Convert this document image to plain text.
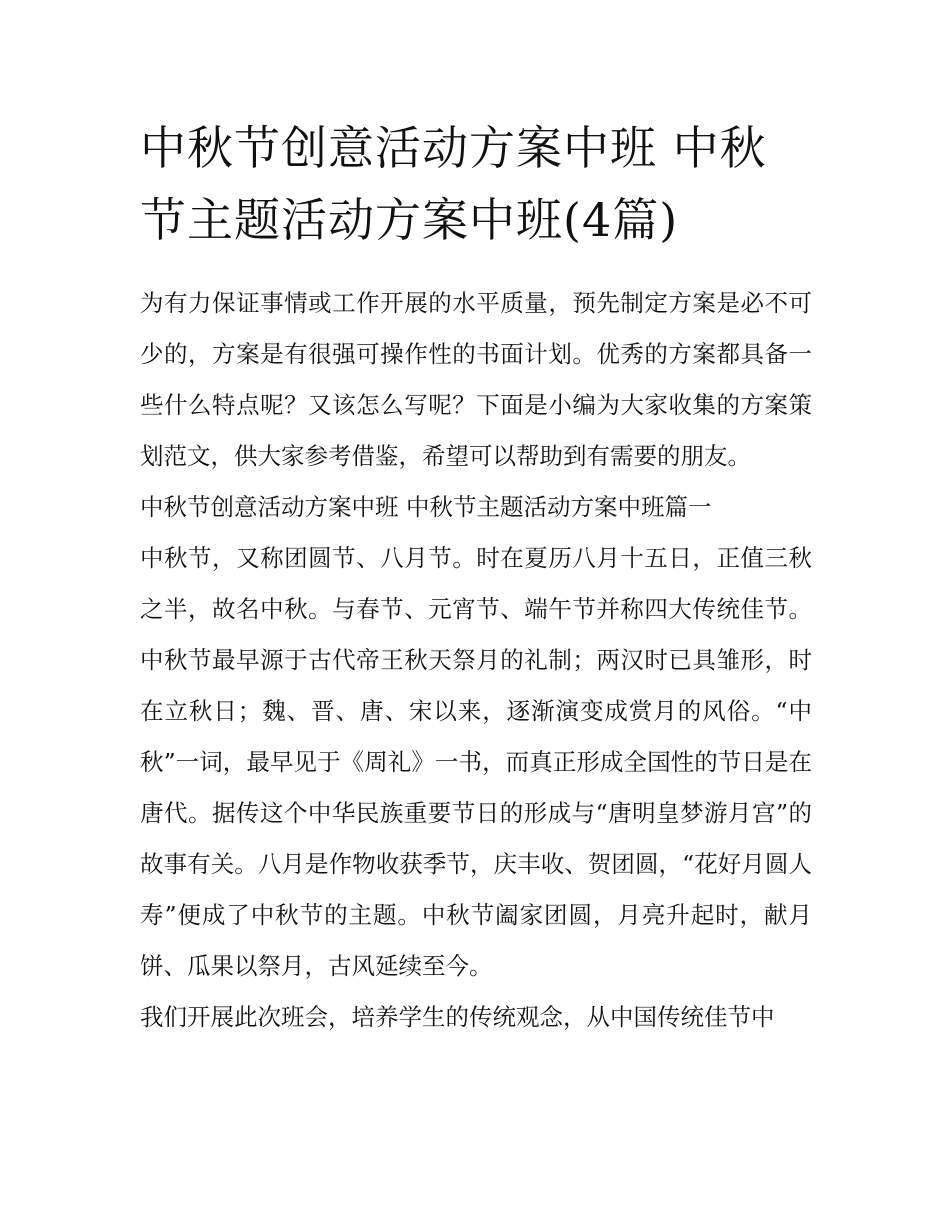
中秋节创意活动方案中班 中秋节主题活动方案中班(4篇)

为有力保证事情或工作开展的水平质量，预先制定方案是必不可少的，方案是有很强可操作性的书面计划。优秀的方案都具备一些什么特点呢？又该怎么写呢？下面是小编为大家收集的方案策划范文，供大家参考借鉴，希望可以帮助到有需要的朋友。

中秋节创意活动方案中班 中秋节主题活动方案中班篇一

中秋节，又称团圆节、八月节。时在夏历八月十五日，正值三秋之半，故名中秋。与春节、元宵节、端午节并称四大传统佳节。中秋节最早源于古代帝王秋天祭月的礼制；两汉时已具雏形，时在立秋日；魏、晋、唐、宋以来，逐渐演变成赏月的风俗。“中秋”一词，最早见于《周礼》一书，而真正形成全国性的节日是在唐代。据传这个中华民族重要节日的形成与“唐明皇梦游月宫”的故事有关。八月是作物收获季节，庆丰收、贺团圆，“花好月圆人寿”便成了中秋节的主题。中秋节阖家团圆，月亮升起时，献月饼、瓜果以祭月，古风延续至今。

我们开展此次班会，培养学生的传统观念，从中国传统佳节中
